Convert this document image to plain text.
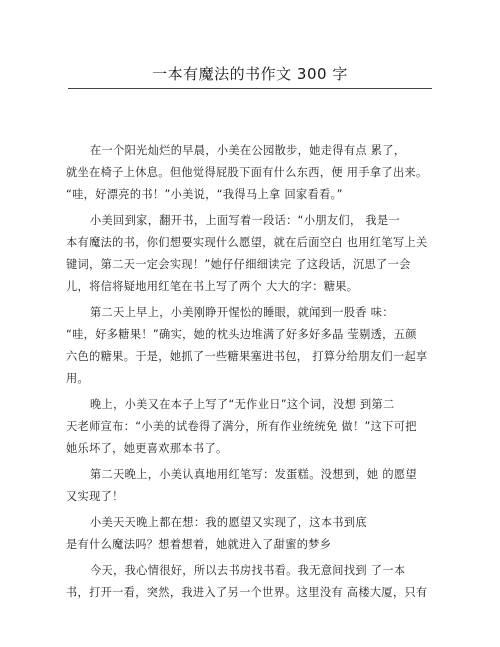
一本有魔法的书作文 300 字
在一个阳光灿烂的早晨，小美在公园散步，她走得有点 累了，
就坐在椅子上休息。但他觉得屁股下面有什么东西，便 用手拿了出来。
“哇，好漂亮的书！”小美说，“我得马上拿 回家看看。”
小美回到家，翻开书，上面写着一段话：“小朋友们， 我是一
本有魔法的书，你们想要实现什么愿望，就在后面空白 也用红笔写上关
键词，第二天一定会实现！”她仔仔细细读完 了这段话，沉思了一会
儿，将信将疑地用红笔在书上写了两个 大大的字：糖果。
第二天上早上，小美刚睁开惺忪的睡眼，就闻到一股香 味：
“哇，好多糖果！”确实，她的枕头边堆满了好多好多晶 莹剔透，五颜
六色的糖果。于是，她抓了一些糖果塞进书包， 打算分给朋友们一起享
用。
晚上，小美又在本子上写了“无作业日”这个词，没想 到第二
天老师宣布：“小美的试卷得了满分，所有作业统统免 做！”这下可把
她乐坏了，她更喜欢那本书了。
第二天晚上，小美认真地用红笔写：发蛋糕。没想到，她 的愿望
又实现了！
小美天天晚上都在想：我的愿望又实现了，这本书到底
是有什么魔法吗？想着想着，她就进入了甜蜜的梦乡
今天，我心情很好，所以去书房找书看。我无意间找到 了一本
书，打开一看，突然，我进入了另一个世界。这里没有 高楼大厦，只有
